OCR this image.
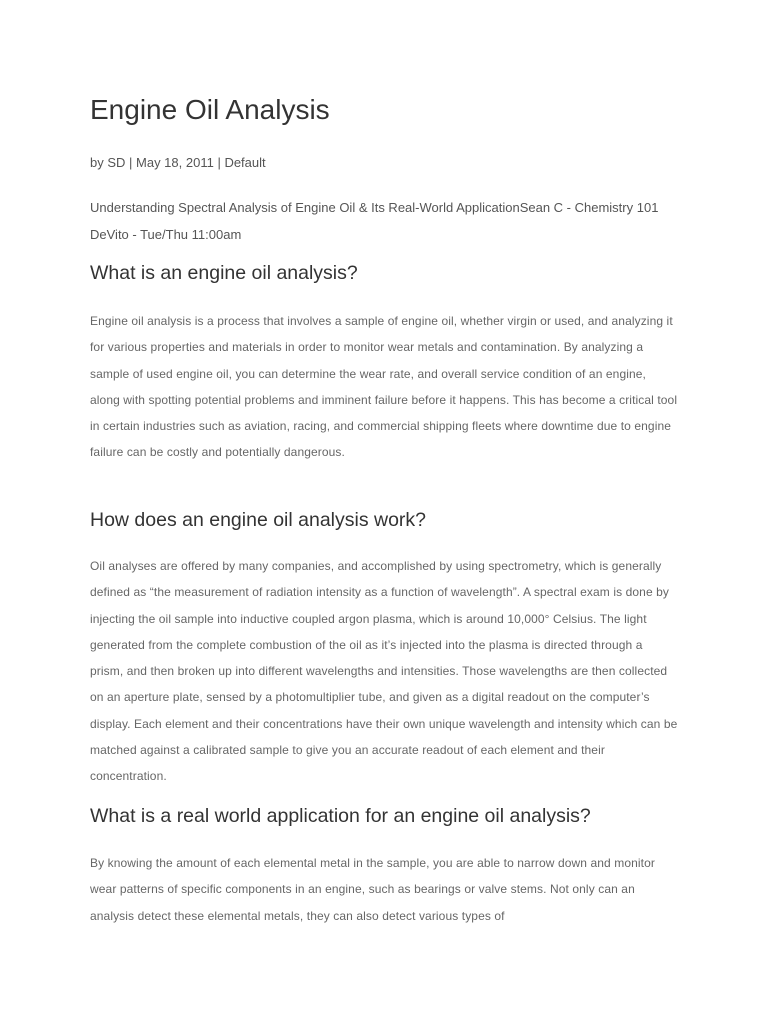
Engine Oil Analysis
by SD | May 18, 2011 | Default

Understanding Spectral Analysis of Engine Oil & Its Real-World ApplicationSean C - Chemistry 101 DeVito - Tue/Thu 11:00am

What is an engine oil analysis?

Engine oil analysis is a process that involves a sample of engine oil, whether virgin or used, and analyzing it for various properties and materials in order to monitor wear metals and contamination. By analyzing a sample of used engine oil, you can determine the wear rate, and overall service condition of an engine, along with spotting potential problems and imminent failure before it happens. This has become a critical tool in certain industries such as aviation, racing, and commercial shipping fleets where downtime due to engine failure can be costly and potentially dangerous.

How does an engine oil analysis work?

Oil analyses are offered by many companies, and accomplished by using spectrometry, which is generally defined as “the measurement of radiation intensity as a function of wavelength”. A spectral exam is done by injecting the oil sample into inductive coupled argon plasma, which is around 10,000° Celsius. The light generated from the complete combustion of the oil as it’s injected into the plasma is directed through a prism, and then broken up into different wavelengths and intensities. Those wavelengths are then collected on an aperture plate, sensed by a photomultiplier tube, and given as a digital readout on the computer’s display. Each element and their concentrations have their own unique wavelength and intensity which can be matched against a calibrated sample to give you an accurate readout of each element and their concentration.

What is a real world application for an engine oil analysis?

By knowing the amount of each elemental metal in the sample, you are able to narrow down and monitor wear patterns of specific components in an engine, such as bearings or valve stems. Not only can an analysis detect these elemental metals, they can also detect various types of
